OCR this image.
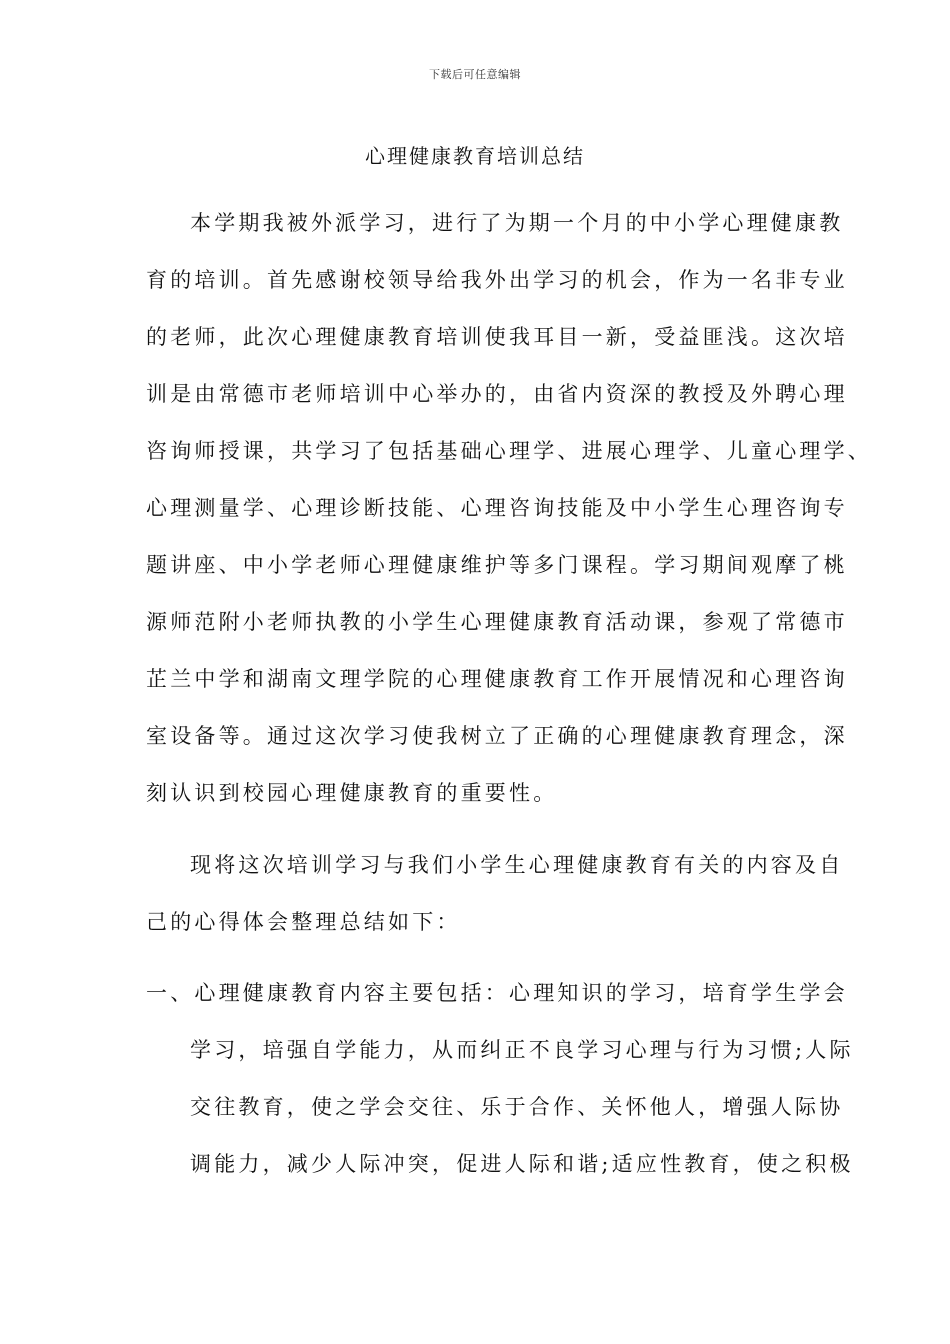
下载后可任意编辑
心理健康教育培训总结
本学期我被外派学习，进行了为期一个月的中小学心理健康教
育的培训。首先感谢校领导给我外出学习的机会，作为一名非专业
的老师，此次心理健康教育培训使我耳目一新，受益匪浅。这次培
训是由常德市老师培训中心举办的，由省内资深的教授及外聘心理
咨询师授课，共学习了包括基础心理学、进展心理学、儿童心理学、
心理测量学、心理诊断技能、心理咨询技能及中小学生心理咨询专
题讲座、中小学老师心理健康维护等多门课程。学习期间观摩了桃
源师范附小老师执教的小学生心理健康教育活动课，参观了常德市
芷兰中学和湖南文理学院的心理健康教育工作开展情况和心理咨询
室设备等。通过这次学习使我树立了正确的心理健康教育理念，深
刻认识到校园心理健康教育的重要性。
现将这次培训学习与我们小学生心理健康教育有关的内容及自
己的心得体会整理总结如下：
一、心理健康教育内容主要包括：心理知识的学习，培育学生学会
学习，培强自学能力，从而纠正不良学习心理与行为习惯;人际
交往教育，使之学会交往、乐于合作、关怀他人，增强人际协
调能力，减少人际冲突，促进人际和谐;适应性教育，使之积极
